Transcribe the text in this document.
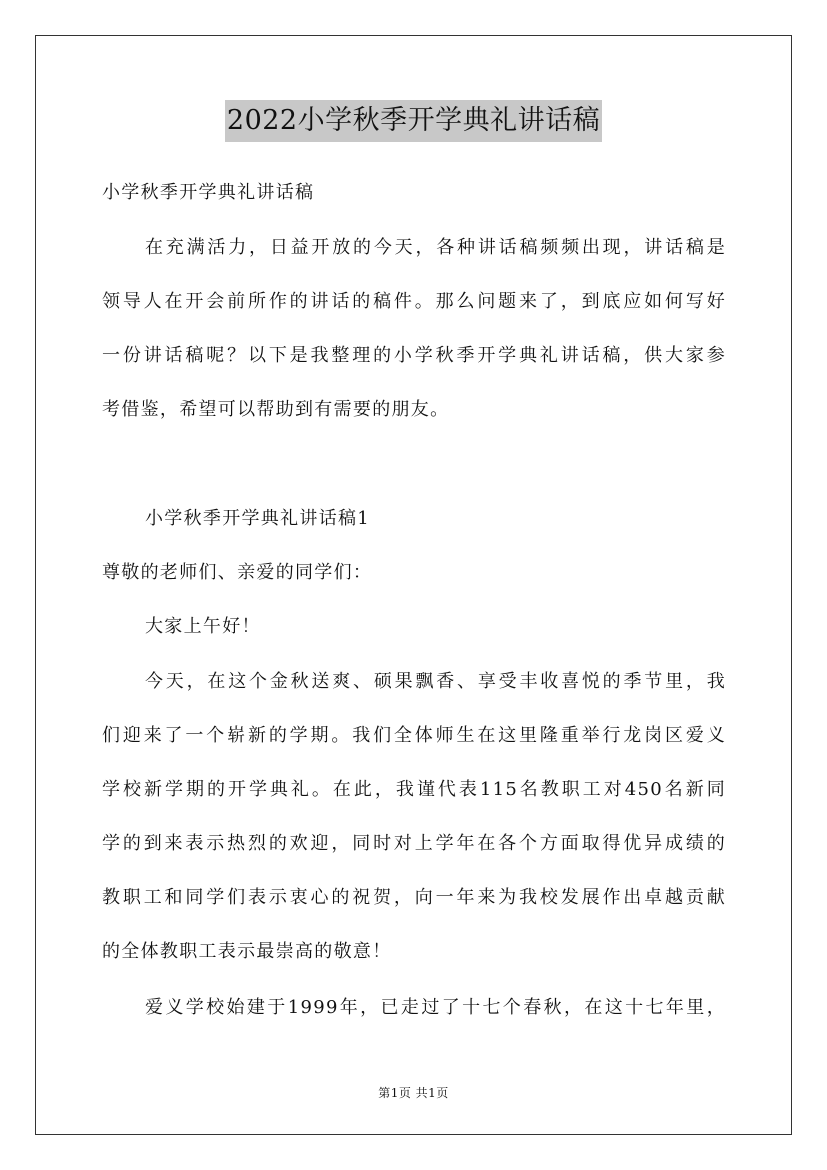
2022小学秋季开学典礼讲话稿
小学秋季开学典礼讲话稿
在充满活力，日益开放的今天，各种讲话稿频频出现，讲话稿是
领导人在开会前所作的讲话的稿件。那么问题来了，到底应如何写好
一份讲话稿呢？以下是我整理的小学秋季开学典礼讲话稿，供大家参
考借鉴，希望可以帮助到有需要的朋友。
小学秋季开学典礼讲话稿1
尊敬的老师们、亲爱的同学们：
大家上午好！
今天，在这个金秋送爽、硕果飘香、享受丰收喜悦的季节里，我
们迎来了一个崭新的学期。我们全体师生在这里隆重举行龙岗区爱义
学校新学期的开学典礼。在此，我谨代表115名教职工对450名新同
学的到来表示热烈的欢迎，同时对上学年在各个方面取得优异成绩的
教职工和同学们表示衷心的祝贺，向一年来为我校发展作出卓越贡献
的全体教职工表示最崇高的敬意！
爱义学校始建于1999年，已走过了十七个春秋，在这十七年里，
第1页 共1页
